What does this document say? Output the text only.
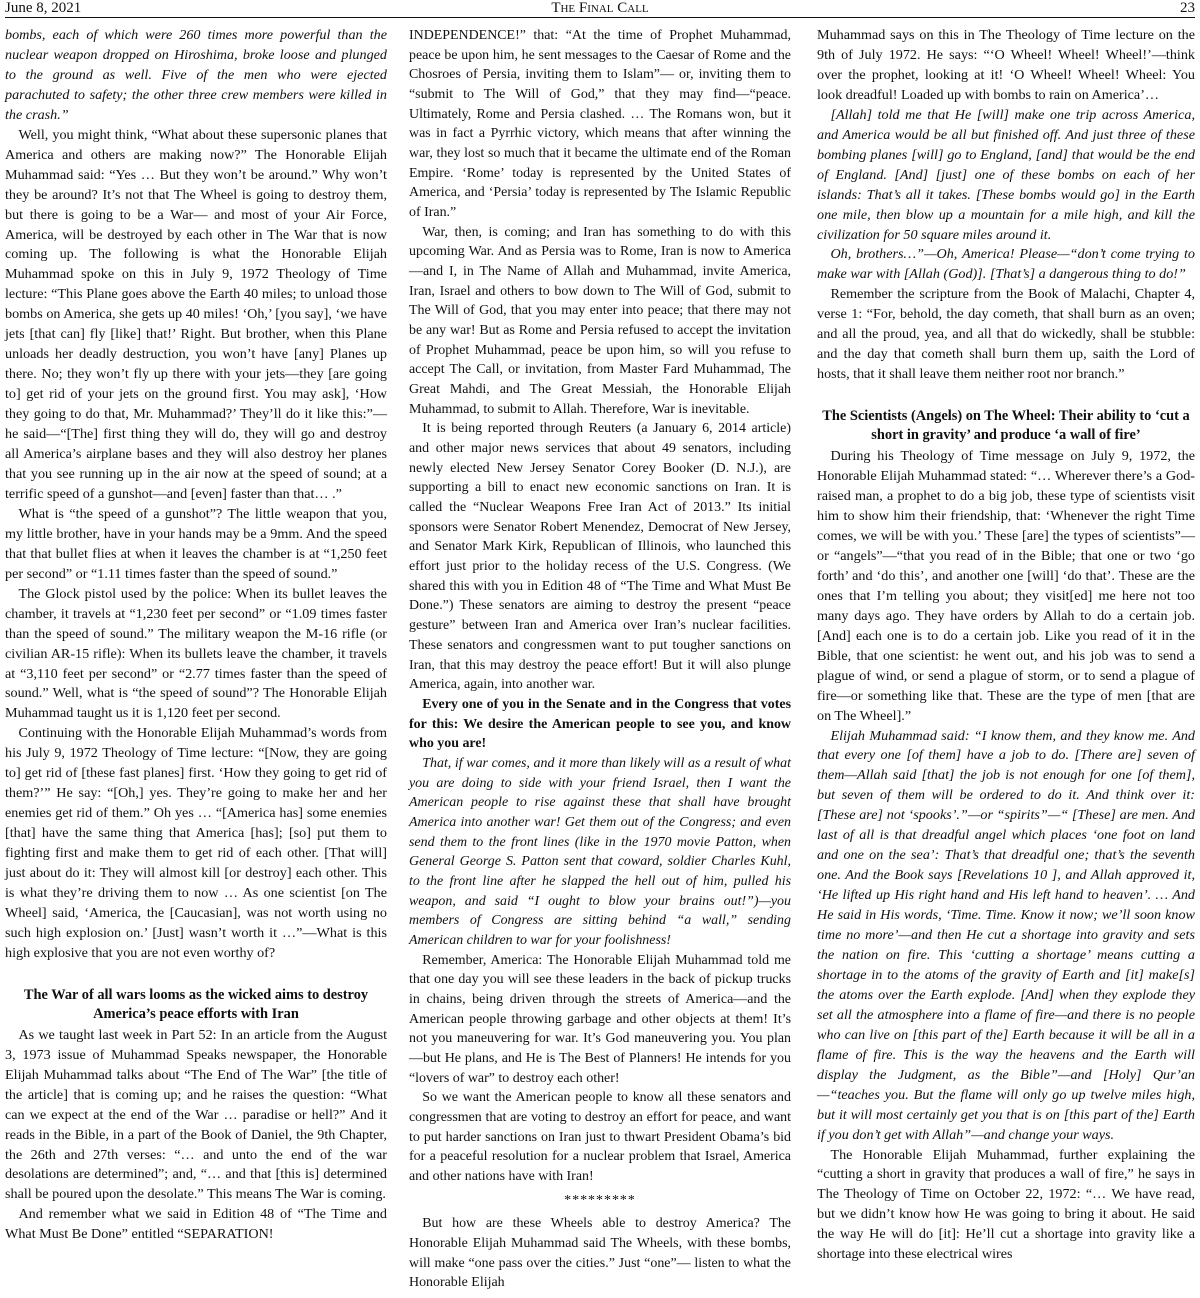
June 8, 2021	The Final Call	23

bombs, each of which were 260 times more powerful than the nuclear weapon dropped on Hiroshima, broke loose and plunged to the ground as well. Five of the men who were ejected parachuted to safety; the other three crew members were killed in the crash.”

Well, you might think, “What about these supersonic planes that America and others are making now?” The Honorable Elijah Muhammad said: “Yes … But they won’t be around.” Why won’t they be around? It’s not that The Wheel is going to destroy them, but there is going to be a War— and most of your Air Force, America, will be destroyed by each other in The War that is now coming up. The following is what the Honorable Elijah Muhammad spoke on this in July 9, 1972 Theology of Time lecture: “This Plane goes above the Earth 40 miles; to unload those bombs on America, she gets up 40 miles! ‘Oh,’ [you say], ‘we have jets [that can] fly [like] that!’ Right. But brother, when this Plane unloads her deadly destruction, you won’t have [any] Planes up there. No; they won’t fly up there with your jets—they [are going to] get rid of your jets on the ground first. You may ask], ‘How they going to do that, Mr. Muhammad?’ They’ll do it like this:”—he said—“[The] first thing they will do, they will go and destroy all America’s airplane bases and they will also destroy her planes that you see running up in the air now at the speed of sound; at a terrific speed of a gunshot—and [even] faster than that… .”

What is “the speed of a gunshot”? The little weapon that you, my little brother, have in your hands may be a 9mm. And the speed that that bullet flies at when it leaves the chamber is at “1,250 feet per second” or “1.11 times faster than the speed of sound.”

The Glock pistol used by the police: When its bullet leaves the chamber, it travels at “1,230 feet per second” or “1.09 times faster than the speed of sound.” The military weapon the M-16 rifle (or civilian AR-15 rifle): When its bullets leave the chamber, it travels at “3,110 feet per second” or “2.77 times faster than the speed of sound.” Well, what is “the speed of sound”? The Honorable Elijah Muhammad taught us it is 1,120 feet per second.

Continuing with the Honorable Elijah Muhammad’s words from his July 9, 1972 Theology of Time lecture: “[Now, they are going to] get rid of [these fast planes] first. ‘How they going to get rid of them?’” He say: “[Oh,] yes. They’re going to make her and her enemies get rid of them.” Oh yes … “[America has] some enemies [that] have the same thing that America [has]; [so] put them to fighting first and make them to get rid of each other. [That will] just about do it: They will almost kill [or destroy] each other. This is what they’re driving them to now … As one scientist [on The Wheel] said, ‘America, the [Caucasian], was not worth using no such high explosion on.’ [Just] wasn’t worth it …”—What is this high explosive that you are not even worthy of?

The War of all wars looms as the wicked aims to destroy America’s peace efforts with Iran

As we taught last week in Part 52: In an article from the August 3, 1973 issue of Muhammad Speaks newspaper, the Honorable Elijah Muhammad talks about “The End of The War” [the title of the article] that is coming up; and he raises the question: “What can we expect at the end of the War … paradise or hell?” And it reads in the Bible, in a part of the Book of Daniel, the 9th Chapter, the 26th and 27th verses: “… and unto the end of the war desolations are determined”; and, “… and that [this is] determined shall be poured upon the desolate.” This means The War is coming.

And remember what we said in Edition 48 of “The Time and What Must Be Done” entitled “SEPARATION!

INDEPENDENCE!” that: “At the time of Prophet Muhammad, peace be upon him, he sent messages to the Caesar of Rome and the Chosroes of Persia, inviting them to Islam”— or, inviting them to “submit to The Will of God,” that they may find—“peace. Ultimately, Rome and Persia clashed. … The Romans won, but it was in fact a Pyrrhic victory, which means that after winning the war, they lost so much that it became the ultimate end of the Roman Empire. ‘Rome’ today is represented by the United States of America, and ‘Persia’ today is represented by The Islamic Republic of Iran.”

War, then, is coming; and Iran has something to do with this upcoming War. And as Persia was to Rome, Iran is now to America—and I, in The Name of Allah and Muhammad, invite America, Iran, Israel and others to bow down to The Will of God, submit to The Will of God, that you may enter into peace; that there may not be any war! But as Rome and Persia refused to accept the invitation of Prophet Muhammad, peace be upon him, so will you refuse to accept The Call, or invitation, from Master Fard Muhammad, The Great Mahdi, and The Great Messiah, the Honorable Elijah Muhammad, to submit to Allah. Therefore, War is inevitable.

It is being reported through Reuters (a January 6, 2014 article) and other major news services that about 49 senators, including newly elected New Jersey Senator Corey Booker (D. N.J.), are supporting a bill to enact new economic sanctions on Iran. It is called the “Nuclear Weapons Free Iran Act of 2013.” Its initial sponsors were Senator Robert Menendez, Democrat of New Jersey, and Senator Mark Kirk, Republican of Illinois, who launched this effort just prior to the holiday recess of the U.S. Congress. (We shared this with you in Edition 48 of “The Time and What Must Be Done.”) These senators are aiming to destroy the present “peace gesture” between Iran and America over Iran’s nuclear facilities. These senators and congressmen want to put tougher sanctions on Iran, that this may destroy the peace effort! But it will also plunge America, again, into another war.

Every one of you in the Senate and in the Congress that votes for this: We desire the American people to see you, and know who you are!

That, if war comes, and it more than likely will as a result of what you are doing to side with your friend Israel, then I want the American people to rise against these that shall have brought America into another war! Get them out of the Congress; and even send them to the front lines (like in the 1970 movie Patton, when General George S. Patton sent that coward, soldier Charles Kuhl, to the front line after he slapped the hell out of him, pulled his weapon, and said “I ought to blow your brains out!”)—you members of Congress are sitting behind “a wall,” sending American children to war for your foolishness!

Remember, America: The Honorable Elijah Muhammad told me that one day you will see these leaders in the back of pickup trucks in chains, being driven through the streets of America—and the American people throwing garbage and other objects at them! It’s not you maneuvering for war. It’s God maneuvering you. You plan—but He plans, and He is The Best of Planners! He intends for you “lovers of war” to destroy each other!

So we want the American people to know all these senators and congressmen that are voting to destroy an effort for peace, and want to put harder sanctions on Iran just to thwart President Obama’s bid for a peaceful resolution for a nuclear problem that Israel, America and other nations have with Iran!

*********

But how are these Wheels able to destroy America? The Honorable Elijah Muhammad said The Wheels, with these bombs, will make “one pass over the cities.” Just “one”— listen to what the Honorable Elijah

Muhammad says on this in The Theology of Time lecture on the 9th of July 1972. He says: “‘O Wheel! Wheel! Wheel!’—think over the prophet, looking at it! ‘O Wheel! Wheel! Wheel: You look dreadful! Loaded up with bombs to rain on America’…

[Allah] told me that He [will] make one trip across America, and America would be all but finished off. And just three of these bombing planes [will] go to England, [and] that would be the end of England. [And] [just] one of these bombs on each of her islands: That’s all it takes. [These bombs would go] in the Earth one mile, then blow up a mountain for a mile high, and kill the civilization for 50 square miles around it.

Oh, brothers…”—Oh, America! Please—“don’t come trying to make war with [Allah (God)]. [That’s] a dangerous thing to do!”

Remember the scripture from the Book of Malachi, Chapter 4, verse 1: “For, behold, the day cometh, that shall burn as an oven; and all the proud, yea, and all that do wickedly, shall be stubble: and the day that cometh shall burn them up, saith the Lord of hosts, that it shall leave them neither root nor branch.”

The Scientists (Angels) on The Wheel: Their ability to ‘cut a short in gravity’ and produce ‘a wall of fire’

During his Theology of Time message on July 9, 1972, the Honorable Elijah Muhammad stated: “… Wherever there’s a God-raised man, a prophet to do a big job, these type of scientists visit him to show him their friendship, that: ‘Whenever the right Time comes, we will be with you.’ These [are] the types of scientists”—or “angels”—“that you read of in the Bible; that one or two ‘go forth’ and ‘do this’, and another one [will] ‘do that’. These are the ones that I’m telling you about; they visit[ed] me here not too many days ago. They have orders by Allah to do a certain job. [And] each one is to do a certain job. Like you read of it in the Bible, that one scientist: he went out, and his job was to send a plague of wind, or send a plague of storm, or to send a plague of fire—or something like that. These are the type of men [that are on The Wheel].”

Elijah Muhammad said: “I know them, and they know me. And that every one [of them] have a job to do. [There are] seven of them—Allah said [that] the job is not enough for one [of them], but seven of them will be ordered to do it. And think over it: [These are] not ‘spooks’.”—or “spirits”—“ [These] are men. And last of all is that dreadful angel which places ‘one foot on land and one on the sea’: That’s that dreadful one; that’s the seventh one. And the Book says [Revelations 10 ], and Allah approved it, ‘He lifted up His right hand and His left hand to heaven’. … And He said in His words, ‘Time. Time. Know it now; we’ll soon know time no more’—and then He cut a shortage into gravity and sets the nation on fire. This ‘cutting a shortage’ means cutting a shortage in to the atoms of the gravity of Earth and [it] make[s] the atoms over the Earth explode. [And] when they explode they set all the atmosphere into a flame of fire—and there is no people who can live on [this part of the] Earth because it will be all in a flame of fire. This is the way the heavens and the Earth will display the Judgment, as the Bible”—and [Holy] Qur’an—“teaches you. But the flame will only go up twelve miles high, but it will most certainly get you that is on [this part of the] Earth if you don’t get with Allah”—and change your ways.

The Honorable Elijah Muhammad, further explaining the “cutting a short in gravity that produces a wall of fire,” he says in The Theology of Time on October 22, 1972: “… We have read, but we didn’t know how He was going to bring it about. He said the way He will do [it]: He’ll cut a shortage into gravity like a shortage into these electrical wires
